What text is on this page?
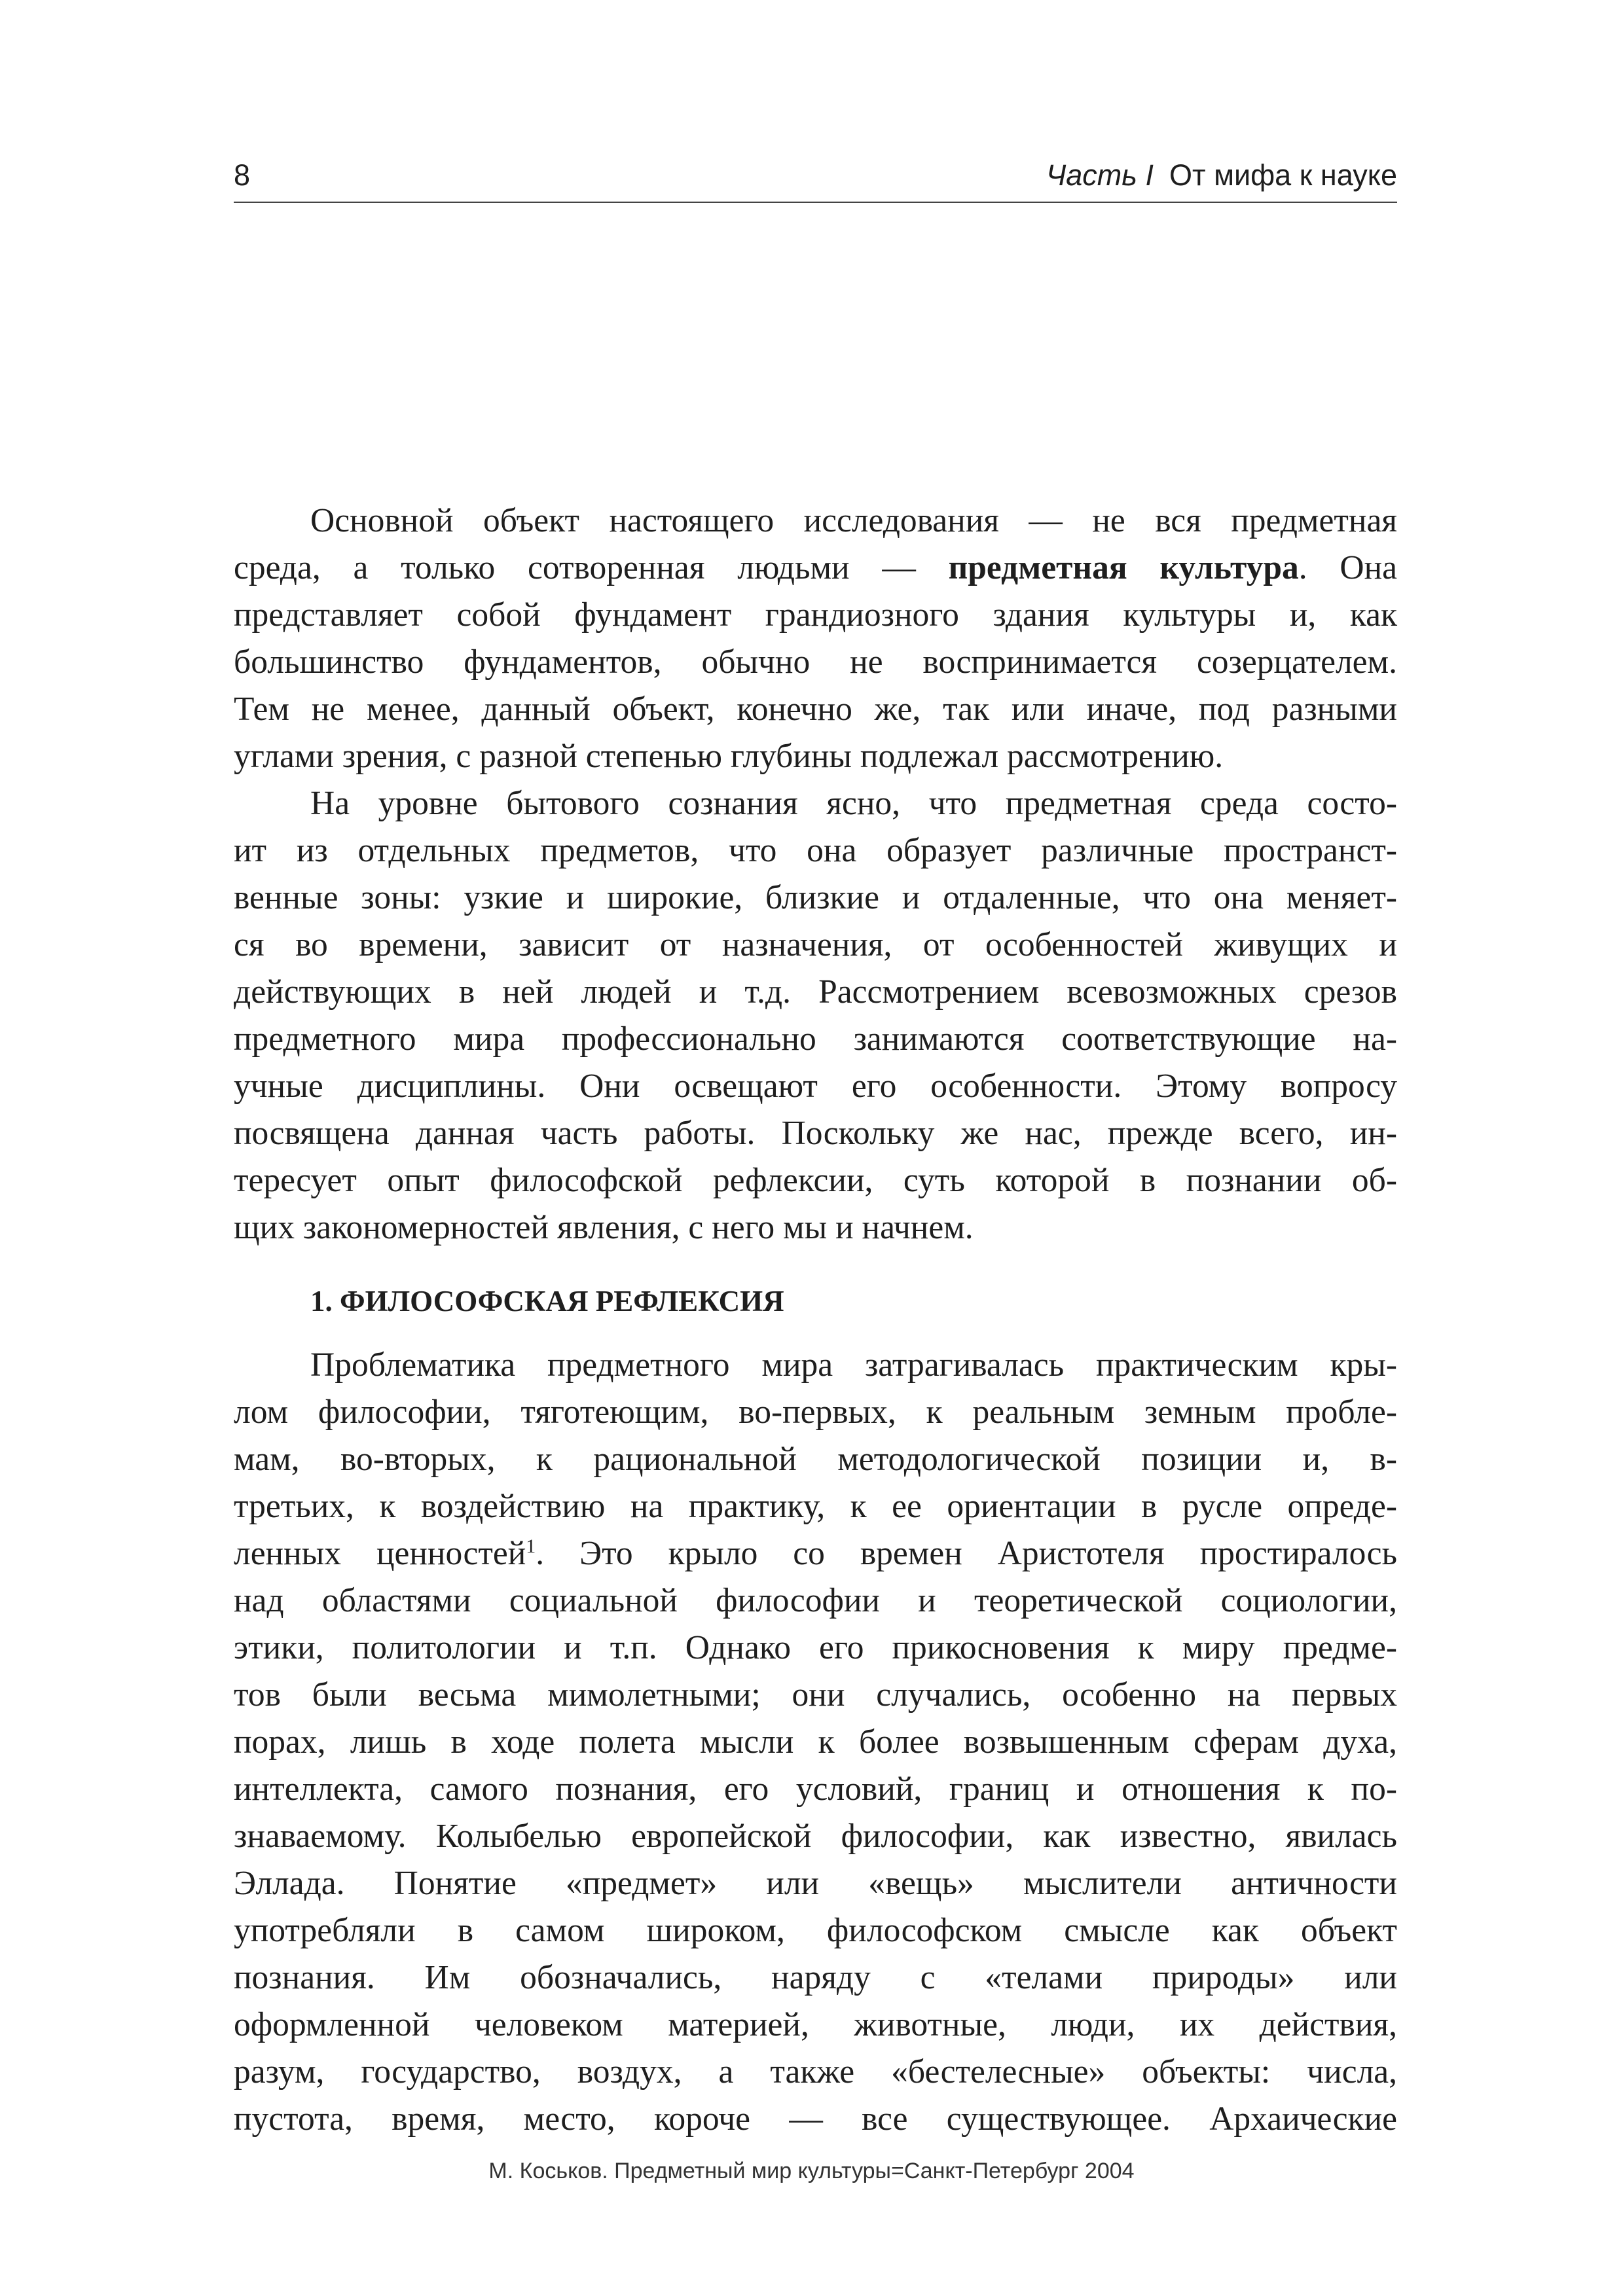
8	Часть I От мифа к науке
Основной объект настоящего исследования — не вся предметная
среда, а только сотворенная людьми — предметная культура. Она
представляет собой фундамент грандиозного здания культуры и, как
большинство фундаментов, обычно не воспринимается созерцателем.
Тем не менее, данный объект, конечно же, так или иначе, под разными
углами зрения, с разной степенью глубины подлежал рассмотрению.
На уровне бытового сознания ясно, что предметная среда состо-
ит из отдельных предметов, что она образует различные пространст-
венные зоны: узкие и широкие, близкие и отдаленные, что она меняет-
ся во времени, зависит от назначения, от особенностей живущих и
действующих в ней людей и т.д. Рассмотрением всевозможных срезов
предметного мира профессионально занимаются соответствующие на-
учные дисциплины. Они освещают его особенности. Этому вопросу
посвящена данная часть работы. Поскольку же нас, прежде всего, ин-
тересует опыт философской рефлексии, суть которой в познании об-
щих закономерностей явления, с него мы и начнем.
1. ФИЛОСОФСКАЯ РЕФЛЕКСИЯ
Проблематика предметного мира затрагивалась практическим кры-
лом философии, тяготеющим, во-первых, к реальным земным пробле-
мам, во-вторых, к рациональной методологической позиции и, в-
третьих, к воздействию на практику, к ее ориентации в русле опреде-
ленных ценностей$^1$. Это крыло со времен Аристотеля простиралось
над областями социальной философии и теоретической социологии,
этики, политологии и т.п. Однако его прикосновения к миру предме-
тов были весьма мимолетными; они случались, особенно на первых
порах, лишь в ходе полета мысли к более возвышенным сферам духа,
интеллекта, самого познания, его условий, границ и отношения к по-
знаваемому. Колыбелью европейской философии, как известно, явилась
Эллада. Понятие «предмет» или «вещь» мыслители античности
употребляли в самом широком, философском смысле как объект
познания. Им обозначались, наряду с «телами природы» или
оформленной человеком материей, животные, люди, их действия,
разум, государство, воздух, а также «бестелесные» объекты: числа,
пустота, время, место, короче — все существующее. Архаические
М. Коськов. Предметный мир культуры=Санкт-Петербург 2004
